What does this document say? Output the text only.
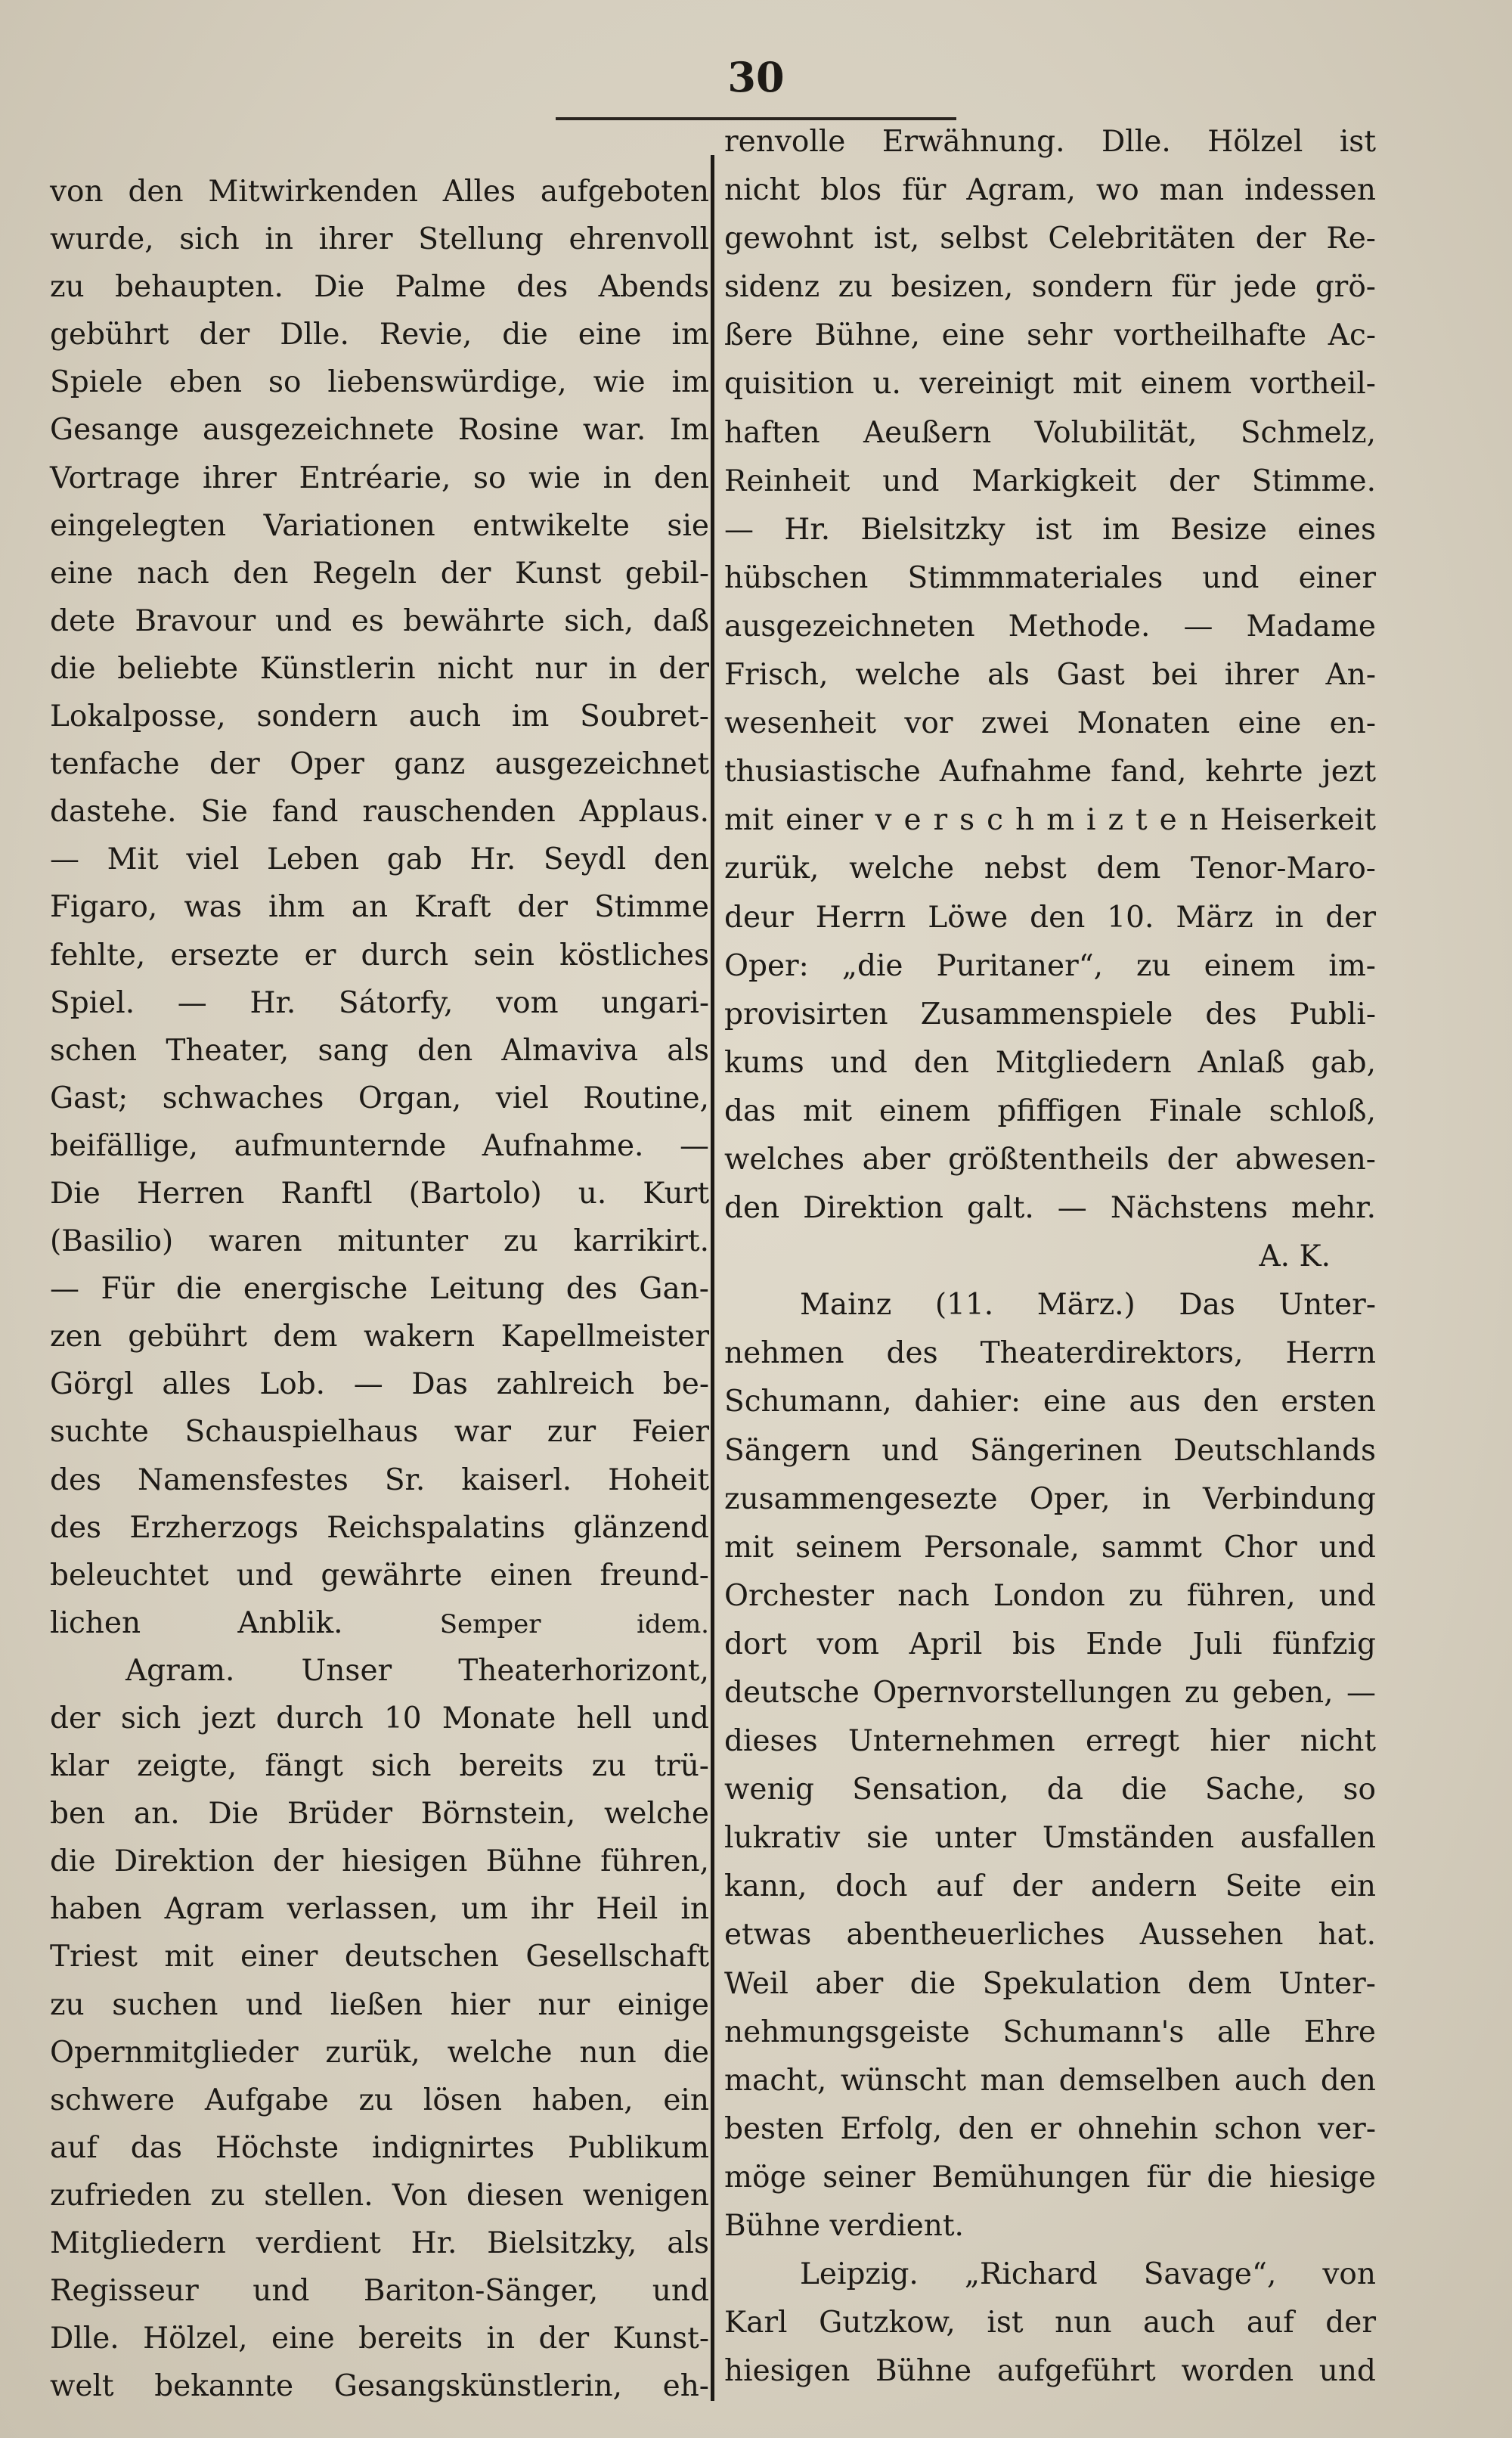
30
von den Mitwirkenden Alles aufgeboten
wurde, sich in ihrer Stellung ehrenvoll
zu behaupten. Die Palme des Abends
gebührt der Dlle. Revie, die eine im
Spiele eben so liebenswürdige, wie im
Gesange ausgezeichnete Rosine war. Im
Vortrage ihrer Entréarie, so wie in den
eingelegten Variationen entwikelte sie
eine nach den Regeln der Kunst gebil-
dete Bravour und es bewährte sich, daß
die beliebte Künstlerin nicht nur in der
Lokalposse, sondern auch im Soubret-
tenfache der Oper ganz ausgezeichnet
dastehe. Sie fand rauschenden Applaus.
— Mit viel Leben gab Hr. Seydl den
Figaro, was ihm an Kraft der Stimme
fehlte, ersezte er durch sein köstliches
Spiel. — Hr. Sátorfy, vom ungari-
schen Theater, sang den Almaviva als
Gast; schwaches Organ, viel Routine,
beifällige, aufmunternde Aufnahme. —
Die Herren Ranftl (Bartolo) u. Kurt
(Basilio) waren mitunter zu karrikirt.
— Für die energische Leitung des Gan-
zen gebührt dem wakern Kapellmeister
Görgl alles Lob. — Das zahlreich be-
suchte Schauspielhaus war zur Feier
des Namensfestes Sr. kaiserl. Hoheit
des Erzherzogs Reichspalatins glänzend
beleuchtet und gewährte einen freund-
lichen Anblik.	Semper idem.
Agram. Unser Theaterhorizont,
der sich jezt durch 10 Monate hell und
klar zeigte, fängt sich bereits zu trü-
ben an. Die Brüder Börnstein, welche
die Direktion der hiesigen Bühne führen,
haben Agram verlassen, um ihr Heil in
Triest mit einer deutschen Gesellschaft
zu suchen und ließen hier nur einige
Opernmitglieder zurük, welche nun die
schwere Aufgabe zu lösen haben, ein
auf das Höchste indignirtes Publikum
zufrieden zu stellen. Von diesen wenigen
Mitgliedern verdient Hr. Bielsitzky, als
Regisseur und Bariton-Sänger, und
Dlle. Hölzel, eine bereits in der Kunst-
welt bekannte Gesangskünstlerin, eh-
renvolle Erwähnung. Dlle. Hölzel ist
nicht blos für Agram, wo man indessen
gewohnt ist, selbst Celebritäten der Re-
sidenz zu besizen, sondern für jede grö-
ßere Bühne, eine sehr vortheilhafte Ac-
quisition u. vereinigt mit einem vortheil-
haften Aeußern Volubilität, Schmelz,
Reinheit und Markigkeit der Stimme.
— Hr. Bielsitzky ist im Besize eines
hübschen Stimmmateriales und einer
ausgezeichneten Methode. — Madame
Frisch, welche als Gast bei ihrer An-
wesenheit vor zwei Monaten eine en-
thusiastische Aufnahme fand, kehrte jezt
mit einer v e r s c h m i z t e n Heiserkeit
zurük, welche nebst dem Tenor-Maro-
deur Herrn Löwe den 10. März in der
Oper: „die Puritaner“, zu einem im-
provisirten Zusammenspiele des Publi-
kums und den Mitgliedern Anlaß gab,
das mit einem pfiffigen Finale schloß,
welches aber größtentheils der abwesen-
den Direktion galt. — Nächstens mehr.
A. K.
Mainz (11. März.) Das Unter-
nehmen des Theaterdirektors, Herrn
Schumann, dahier: eine aus den ersten
Sängern und Sängerinen Deutschlands
zusammengesezte Oper, in Verbindung
mit seinem Personale, sammt Chor und
Orchester nach London zu führen, und
dort vom April bis Ende Juli fünfzig
deutsche Opernvorstellungen zu geben, —
dieses Unternehmen erregt hier nicht
wenig Sensation, da die Sache, so
lukrativ sie unter Umständen ausfallen
kann, doch auf der andern Seite ein
etwas abentheuerliches Aussehen hat.
Weil aber die Spekulation dem Unter-
nehmungsgeiste Schumann's alle Ehre
macht, wünscht man demselben auch den
besten Erfolg, den er ohnehin schon ver-
möge seiner Bemühungen für die hiesige
Bühne verdient.
Leipzig. „Richard Savage“, von
Karl Gutzkow, ist nun auch auf der
hiesigen Bühne aufgeführt worden und
